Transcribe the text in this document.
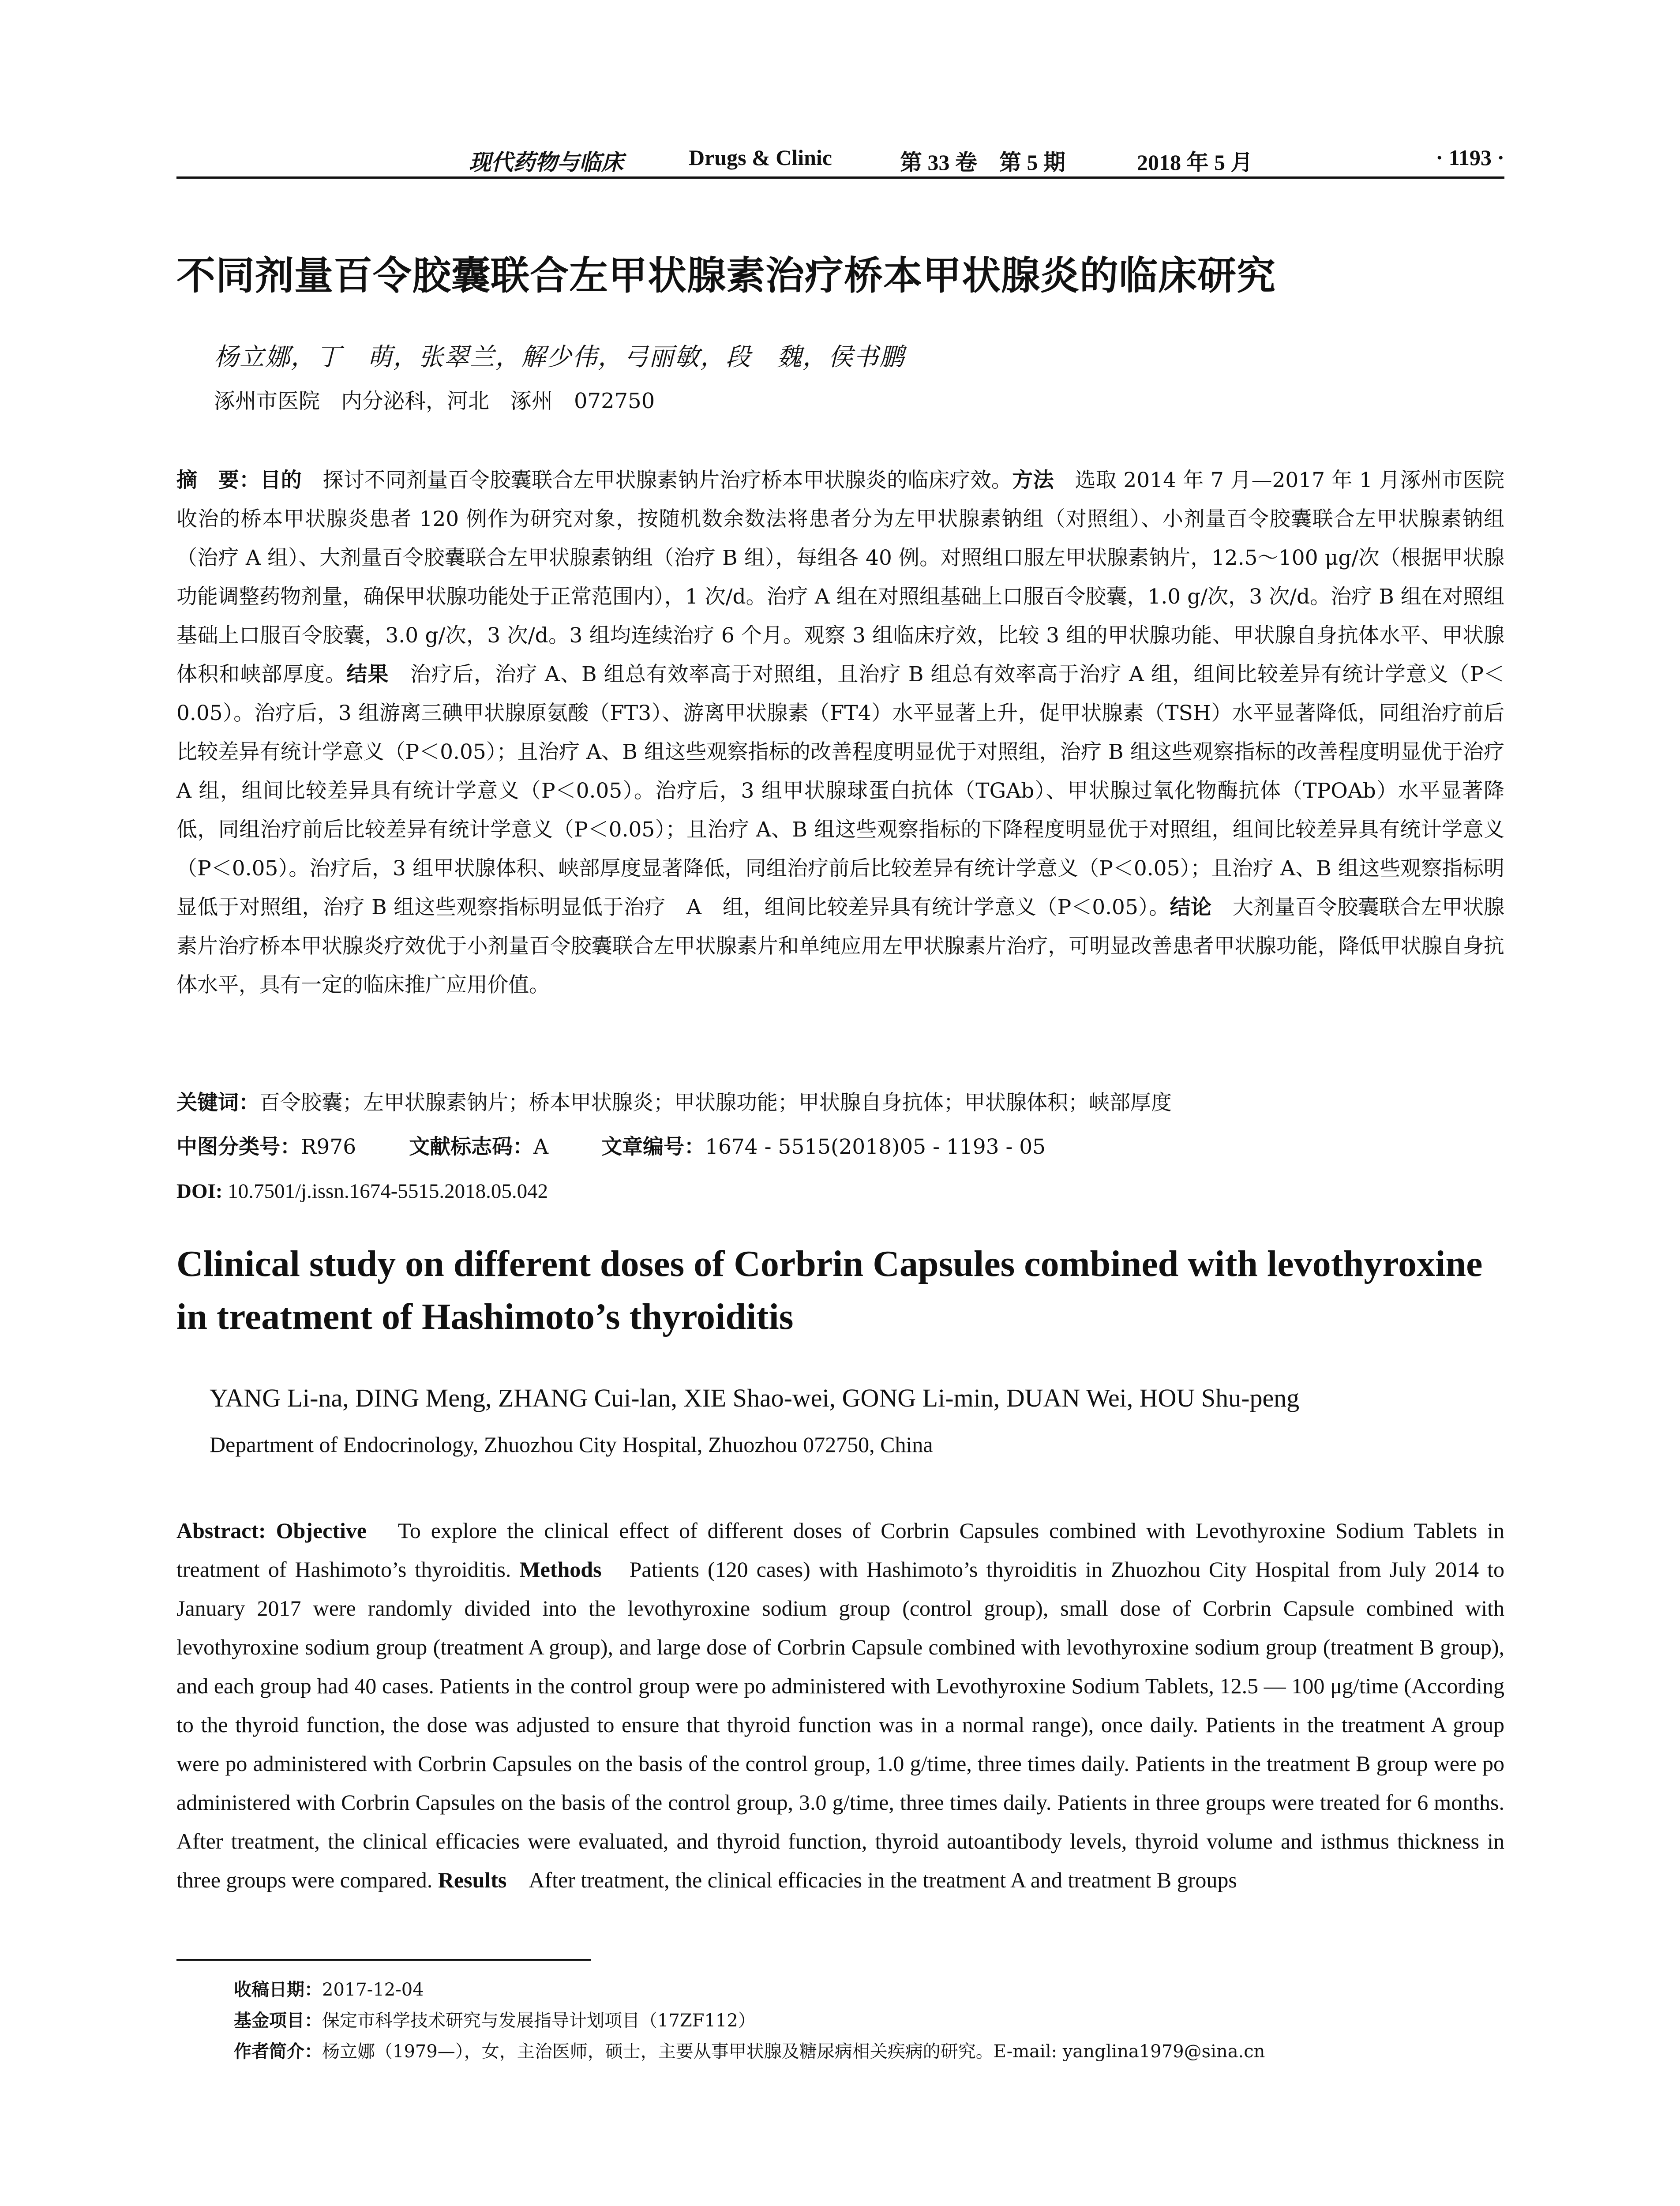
现代药物与临床	Drugs & Clinic	第 33 卷　第 5 期	2018 年 5 月	· 1193 ·
不同剂量百令胶囊联合左甲状腺素治疗桥本甲状腺炎的临床研究
杨立娜，丁　萌，张翠兰，解少伟，弓丽敏，段　魏，侯书鹏
涿州市医院　内分泌科，河北　涿州　072750
摘　要：目的　探讨不同剂量百令胶囊联合左甲状腺素钠片治疗桥本甲状腺炎的临床疗效。方法　选取 2014 年 7 月—2017 年 1 月涿州市医院收治的桥本甲状腺炎患者 120 例作为研究对象，按随机数余数法将患者分为左甲状腺素钠组（对照组）、小剂量百令胶囊联合左甲状腺素钠组（治疗 A 组）、大剂量百令胶囊联合左甲状腺素钠组（治疗 B 组），每组各 40 例。对照组口服左甲状腺素钠片，12.5～100 μg/次（根据甲状腺功能调整药物剂量，确保甲状腺功能处于正常范围内），1 次/d。治疗 A 组在对照组基础上口服百令胶囊，1.0 g/次，3 次/d。治疗 B 组在对照组基础上口服百令胶囊，3.0 g/次，3 次/d。3 组均连续治疗 6 个月。观察 3 组临床疗效，比较 3 组的甲状腺功能、甲状腺自身抗体水平、甲状腺体积和峡部厚度。结果　治疗后，治疗 A、B 组总有效率高于对照组，且治疗 B 组总有效率高于治疗 A 组，组间比较差异有统计学意义（P＜0.05）。治疗后，3 组游离三碘甲状腺原氨酸（FT3）、游离甲状腺素（FT4）水平显著上升，促甲状腺素（TSH）水平显著降低，同组治疗前后比较差异有统计学意义（P＜0.05）；且治疗 A、B 组这些观察指标的改善程度明显优于对照组，治疗 B 组这些观察指标的改善程度明显优于治疗 A 组，组间比较差异具有统计学意义（P＜0.05）。治疗后，3 组甲状腺球蛋白抗体（TGAb）、甲状腺过氧化物酶抗体（TPOAb）水平显著降低，同组治疗前后比较差异有统计学意义（P＜0.05）；且治疗 A、B 组这些观察指标的下降程度明显优于对照组，组间比较差异具有统计学意义（P＜0.05）。治疗后，3 组甲状腺体积、峡部厚度显著降低，同组治疗前后比较差异有统计学意义（P＜0.05）；且治疗 A、B 组这些观察指标明显低于对照组，治疗 B 组这些观察指标明显低于治疗　A　组，组间比较差异具有统计学意义（P＜0.05）。结论　大剂量百令胶囊联合左甲状腺素片治疗桥本甲状腺炎疗效优于小剂量百令胶囊联合左甲状腺素片和单纯应用左甲状腺素片治疗，可明显改善患者甲状腺功能，降低甲状腺自身抗体水平，具有一定的临床推广应用价值。
关键词：百令胶囊；左甲状腺素钠片；桥本甲状腺炎；甲状腺功能；甲状腺自身抗体；甲状腺体积；峡部厚度
中图分类号：R976	文献标志码：A	文章编号：1674 - 5515(2018)05 - 1193 - 05
DOI: 10.7501/j.issn.1674-5515.2018.05.042
Clinical study on different doses of Corbrin Capsules combined with levothyroxine in treatment of Hashimoto’s thyroiditis
YANG Li-na, DING Meng, ZHANG Cui-lan, XIE Shao-wei, GONG Li-min, DUAN Wei, HOU Shu-peng
Department of Endocrinology, Zhuozhou City Hospital, Zhuozhou 072750, China
Abstract: Objective　To explore the clinical effect of different doses of Corbrin Capsules combined with Levothyroxine Sodium Tablets in treatment of Hashimoto’s thyroiditis. Methods　Patients (120 cases) with Hashimoto’s thyroiditis in Zhuozhou City Hospital from July 2014 to January 2017 were randomly divided into the levothyroxine sodium group (control group), small dose of Corbrin Capsule combined with levothyroxine sodium group (treatment A group), and large dose of Corbrin Capsule combined with levothyroxine sodium group (treatment B group), and each group had 40 cases. Patients in the control group were po administered with Levothyroxine Sodium Tablets, 12.5 — 100 μg/time (According to the thyroid function, the dose was adjusted to ensure that thyroid function was in a normal range), once daily. Patients in the treatment A group were po administered with Corbrin Capsules on the basis of the control group, 1.0 g/time, three times daily. Patients in the treatment B group were po administered with Corbrin Capsules on the basis of the control group, 3.0 g/time, three times daily. Patients in three groups were treated for 6 months. After treatment, the clinical efficacies were evaluated, and thyroid function, thyroid autoantibody levels, thyroid volume and isthmus thickness in three groups were compared. Results　After treatment, the clinical efficacies in the treatment A and treatment B groups
收稿日期：2017-12-04
基金项目：保定市科学技术研究与发展指导计划项目（17ZF112）
作者简介：杨立娜（1979—），女，主治医师，硕士，主要从事甲状腺及糖尿病相关疾病的研究。E-mail: yanglina1979@sina.cn
